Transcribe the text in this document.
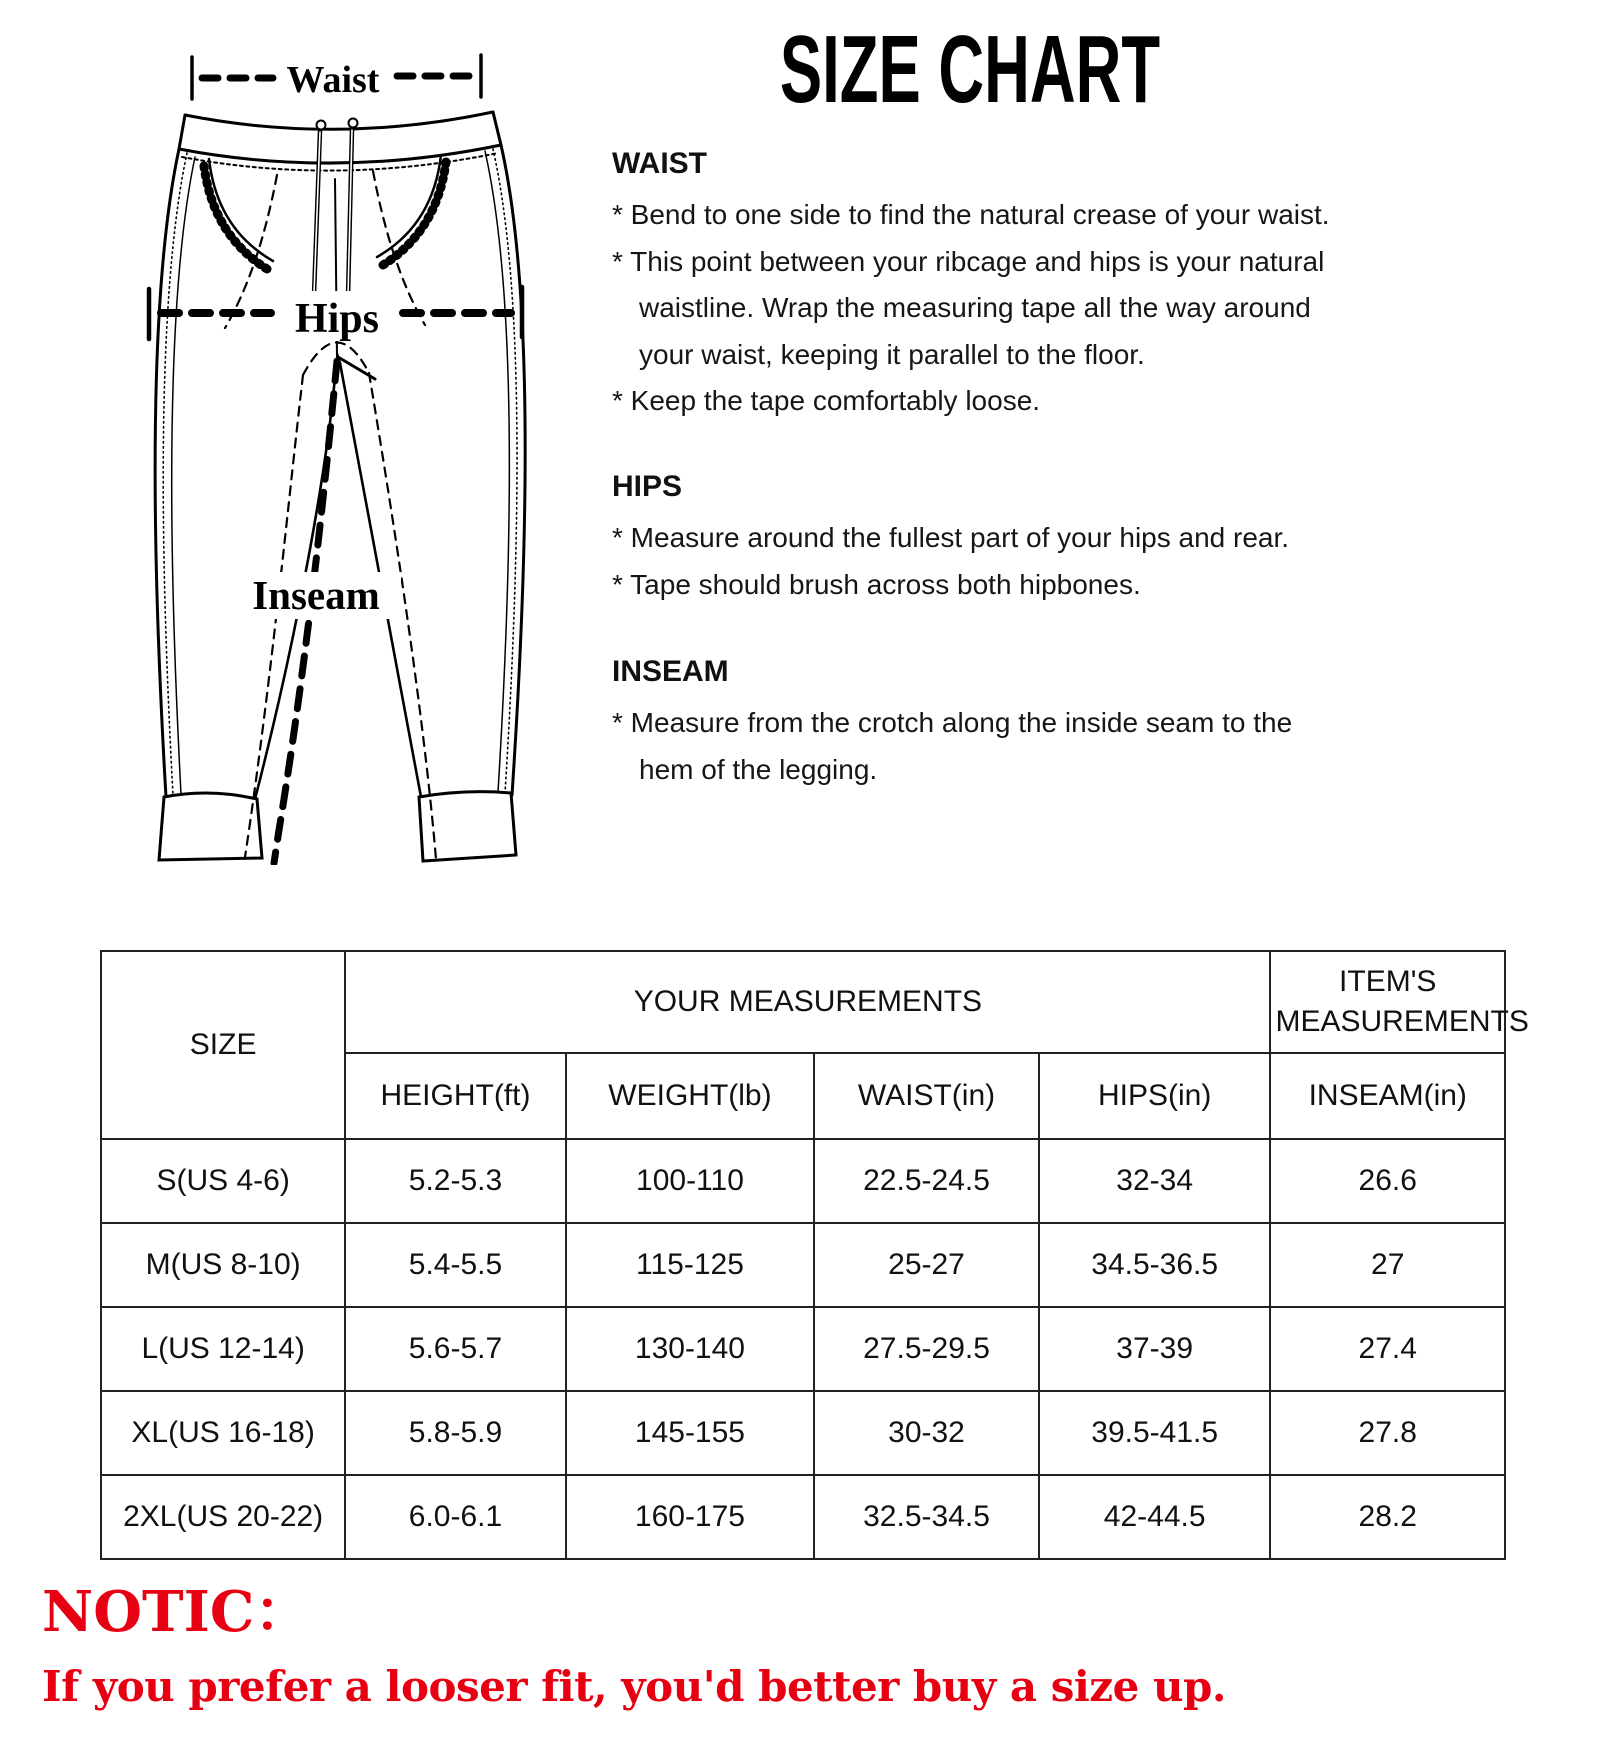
Waist
Inseam
Hips
SIZE CHART
WAIST
* Bend to one side to find the natural crease of your waist.
* This point between your ribcage and hips is your natural
waistline. Wrap the measuring tape all the way around
your waist, keeping it parallel to the floor.
* Keep the tape comfortably loose.
HIPS
* Measure around the fullest part of your hips and rear.
* Tape should brush across both hipbones.
INSEAM
* Measure from the crotch along the inside seam to the
hem of the legging.
SIZE	YOUR MEASUREMENTS				ITEM'S MEASUREMENTS
	HEIGHT(ft)	WEIGHT(lb)	WAIST(in)	HIPS(in)	INSEAM(in)
S(US 4-6)	5.2-5.3	100-110	22.5-24.5	32-34	26.6
M(US 8-10)	5.4-5.5	115-125	25-27	34.5-36.5	27
L(US 12-14)	5.6-5.7	130-140	27.5-29.5	37-39	27.4
XL(US 16-18)	5.8-5.9	145-155	30-32	39.5-41.5	27.8
2XL(US 20-22)	6.0-6.1	160-175	32.5-34.5	42-44.5	28.2
NOTIC：
If you prefer a looser fit, you'd better buy a size up.
